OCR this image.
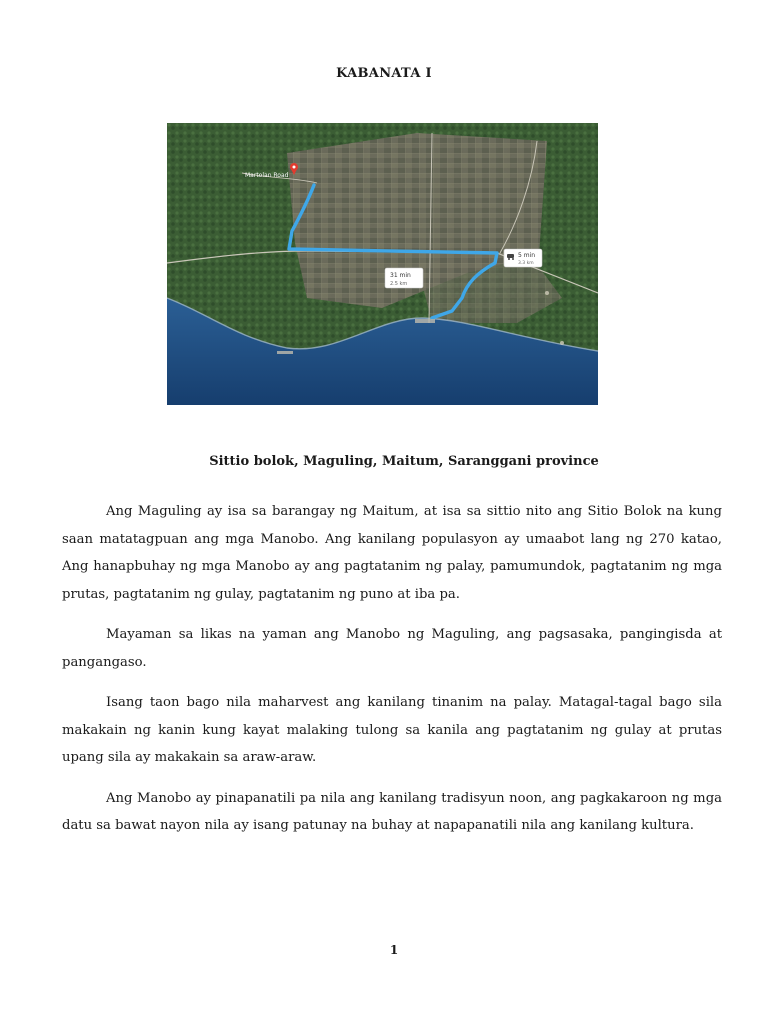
KABANATA I
Martolan Road
31 min
2.5 km
5 min
3.3 km
Sittio bolok, Maguling, Maitum, Saranggani province

Ang Maguling ay isa sa barangay ng Maitum, at isa sa sittio nito ang Sitio Bolok na kung saan matatagpuan ang mga Manobo. Ang kanilang populasyon ay umaabot lang ng 270 katao, Ang hanapbuhay ng mga Manobo ay ang pagtatanim ng palay, pamumundok, pagtatanim ng mga prutas, pagtatanim ng gulay, pagtatanim ng puno at iba pa.

Mayaman sa likas na yaman ang Manobo ng Maguling, ang pagsasaka, pangingisda at pangangaso.

Isang taon bago nila maharvest ang kanilang tinanim na palay. Matagal-tagal bago sila makakain ng kanin kung kayat malaking tulong sa kanila ang pagtatanim ng gulay at prutas upang sila ay makakain sa araw-araw.

Ang Manobo ay pinapanatili pa nila ang kanilang tradisyun noon, ang pagkakaroon ng mga datu sa bawat nayon nila ay isang patunay na buhay at napapanatili nila ang kanilang kultura.

1
